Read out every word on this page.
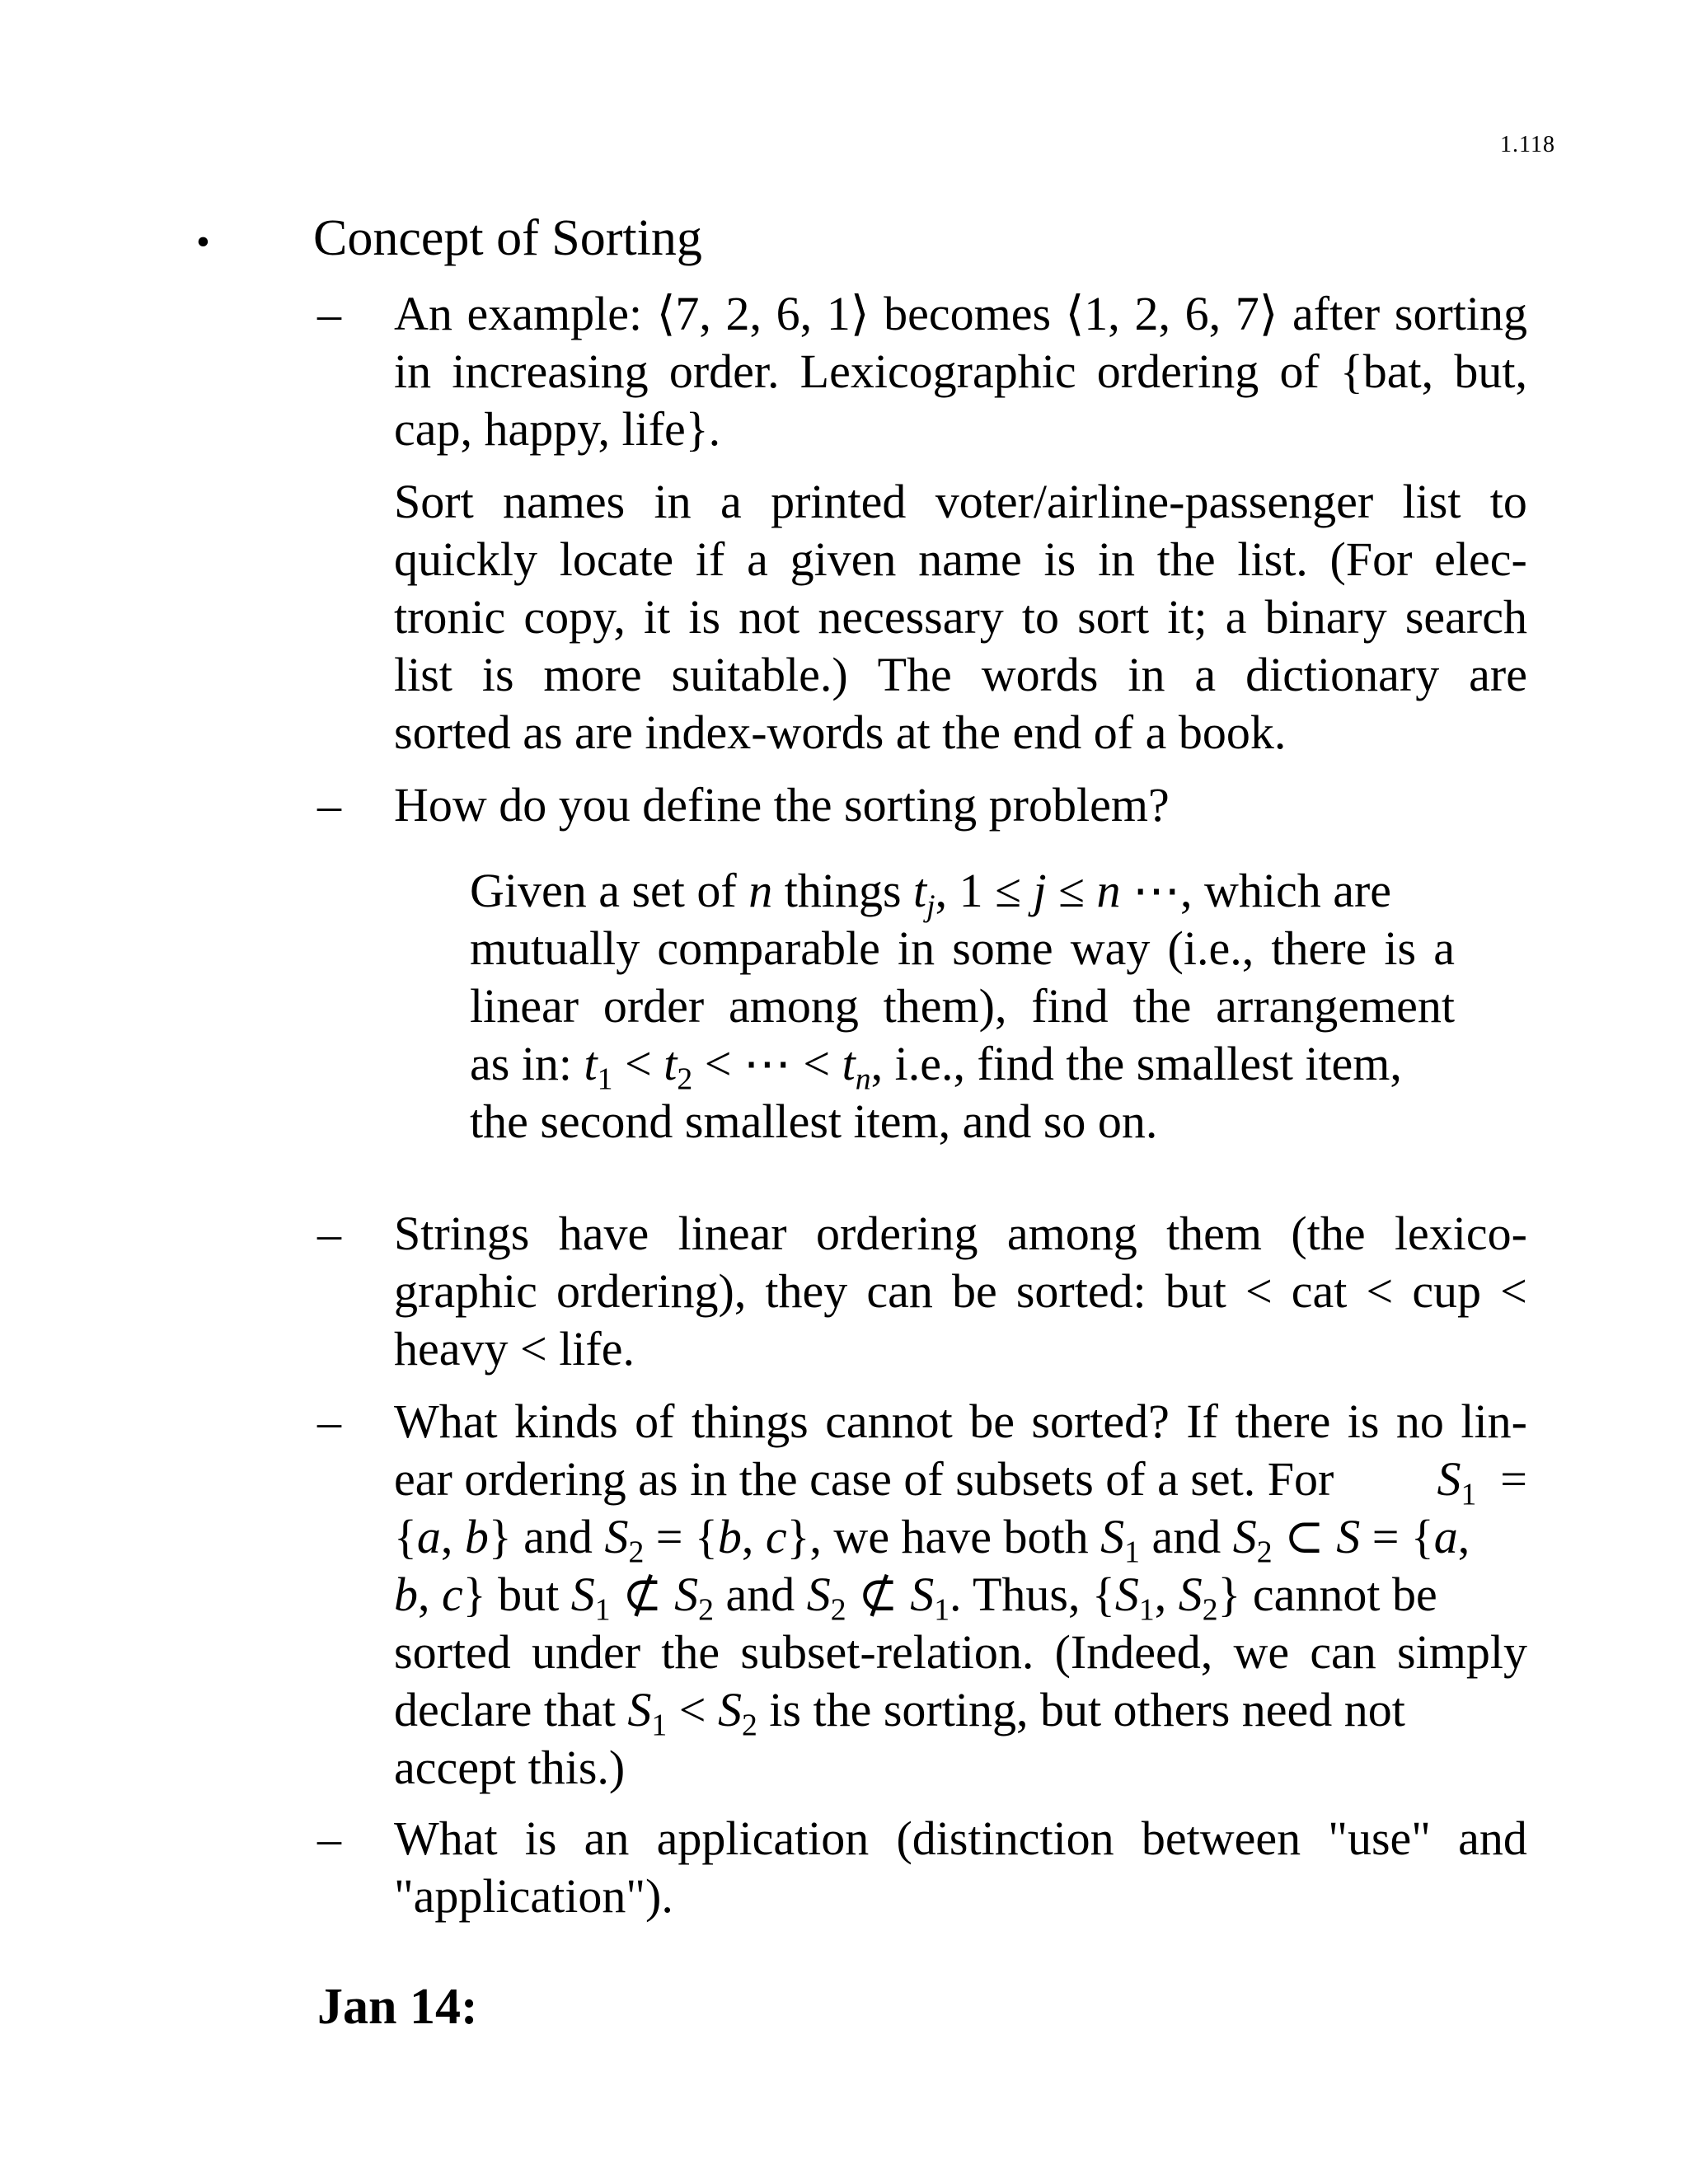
1.118
• Concept of Sorting
– An example: ⟨7, 2, 6, 1⟩ becomes ⟨1, 2, 6, 7⟩ after sorting
in increasing order. Lexicographic ordering of {bat, but,
cap, happy, life}.
Sort names in a printed voter/airline-passenger list to
quickly locate if a given name is in the list. (For elec-
tronic copy, it is not necessary to sort it; a binary search
list is more suitable.) The words in a dictionary are
sorted as are index-words at the end of a book.
– How do you define the sorting problem?
Given a set of n things $t_j$, 1 ≤ j ≤ n ⋯, which are
mutually comparable in some way (i.e., there is a
linear order among them), find the arrangement
as in: $t_1 < t_2$ < ⋯ < $t_n$, i.e., find the smallest item,
the second smallest item, and so on.
– Strings have linear ordering among them (the lexico-
graphic ordering), they can be sorted: but < cat < cup <
heavy < life.
– What kinds of things cannot be sorted? If there is no lin-
ear ordering as in the case of subsets of a set. For $S_1$  =
{a, b} and $S_2 = \{b$, c}, we have both $S_1$ and $S_2$ ⊂ S = {a,
b, c} but $S_1$ ⊄ $S_2$ and $S_2$ ⊄ $S_1$. Thus, {$S_1$, $S_2$} cannot be
sorted under the subset-relation. (Indeed, we can simply
declare that $S_1 < S_2$ is the sorting, but others need not
accept this.)
– What is an application (distinction between "use" and
"application").
Jan 14:
